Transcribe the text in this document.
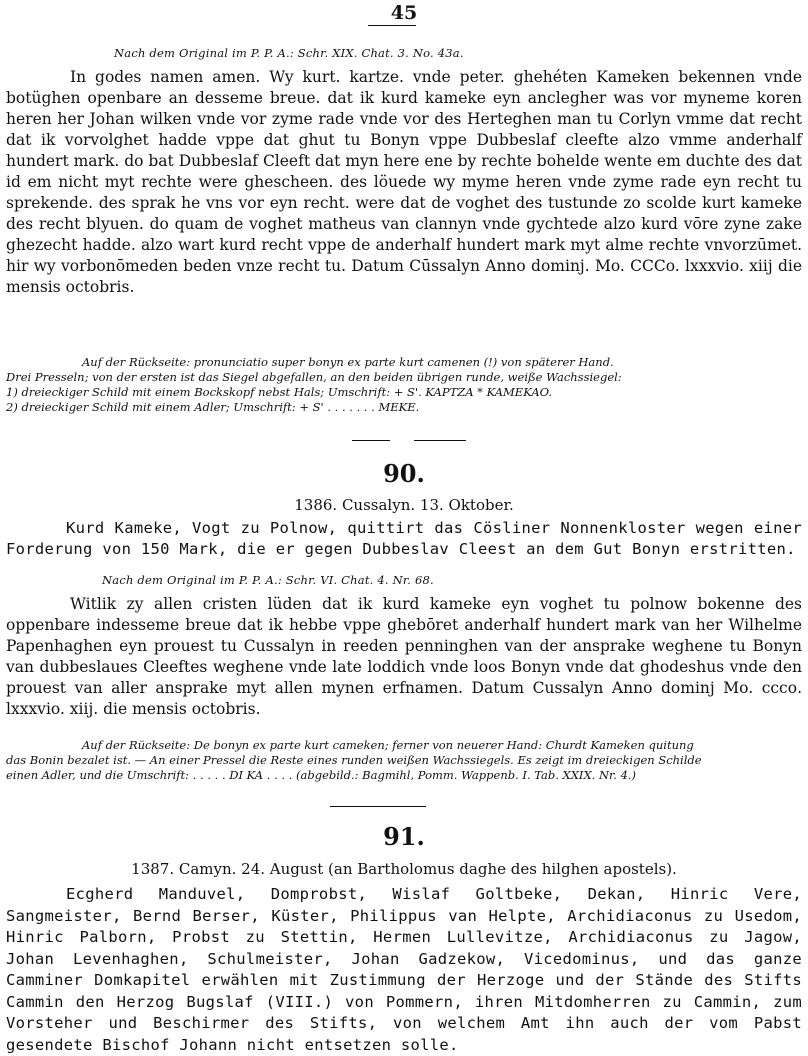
45
Nach dem Original im P. P. A.: Schr. XIX. Chat. 3. No. 43a.
In godes namen amen. Wy kurt. kartze. vnde peter. ghehéten Kameken bekennen vnde botüghen openbare an desseme breue. dat ik kurd kameke eyn anclegher was vor myneme koren heren her Johan wilken vnde vor zyme rade vnde vor des Herteghen man tu Corlyn vmme dat recht dat ik vorvolghet hadde vppe dat ghut tu Bonyn vppe Dubbeslaf cleefte alzo vmme anderhalf hundert mark. do bat Dubbeslaf Cleeft dat myn here ene by rechte bohelde wente em duchte des dat id em nicht myt rechte were ghescheen. des löuede wy myme heren vnde zyme rade eyn recht tu sprekende. des sprak he vns vor eyn recht. were dat de voghet des tustunde zo scolde kurt kameke des recht blyuen. do quam de voghet matheus van clannyn vnde gychtede alzo kurd vōre zyne zake ghezecht hadde. alzo wart kurd recht vppe de anderhalf hundert mark myt alme rechte vnvorzūmet. hir wy vorbonōmeden beden vnze recht tu. Datum Cūssalyn Anno dominj. Mo. CCCo. lxxxvio. xiij die mensis octobris.
Auf der Rückseite: pronunciatio super bonyn ex parte kurt camenen (!) von späterer Hand.
Drei Presseln; von der ersten ist das Siegel abgefallen, an den beiden übrigen runde, weiße Wachssiegel:
1) dreieckiger Schild mit einem Bockskopf nebst Hals; Umschrift: + S'. KAPTZA * KAMEKAO.
2) dreieckiger Schild mit einem Adler; Umschrift: + S' . . . . . . . MEKE.
90.
1386. Cussalyn. 13. Oktober.
Kurd Kameke, Vogt zu Polnow, quittirt das Cösliner Nonnenkloster wegen einer Forderung von 150 Mark, die er gegen Dubbeslav Cleest an dem Gut Bonyn erstritten.
Nach dem Original im P. P. A.: Schr. VI. Chat. 4. Nr. 68.
Witlik zy allen cristen lüden dat ik kurd kameke eyn voghet tu polnow bokenne des oppenbare indesseme breue dat ik hebbe vppe ghebōret anderhalf hundert mark van her Wilhelme Papenhaghen eyn prouest tu Cussalyn in reeden penninghen van der ansprake weghene tu Bonyn van dubbeslaues Cleeftes weghene vnde late loddich vnde loos Bonyn vnde dat ghodeshus vnde den prouest van aller ansprake myt allen mynen erfnamen. Datum Cussalyn Anno dominj Mo. cccо. lxxxvio. xiij. die mensis octobris.
Auf der Rückseite: De bonyn ex parte kurt cameken; ferner von neuerer Hand: Churdt Kameken quitung
das Bonin bezalet ist. — An einer Pressel die Reste eines runden weißen Wachssiegels. Es zeigt im dreieckigen Schilde
einen Adler, und die Umschrift: . . . . . DI KA . . . . (abgebild.: Bagmihl, Pomm. Wappenb. I. Tab. XXIX. Nr. 4.)
91.
1387. Camyn. 24. August (an Bartholomus daghe des hilghen apostels).
Ecgherd Manduvel, Domprobst, Wislaf Goltbeke, Dekan, Hinric Vere, Sangmeister, Bernd Berser, Küster, Philippus van Helpte, Archidiaconus zu Usedom, Hinric Palborn, Probst zu Stettin, Hermen Lullevitze, Archidiaconus zu Jagow, Johan Levenhaghen, Schulmeister, Johan Gadzekow, Vicedominus, und das ganze Camminer Domkapitel erwählen mit Zustimmung der Herzoge und der Stände des Stifts Cammin den Herzog Bugslaf (VIII.) von Pommern, ihren Mitdomherren zu Cammin, zum Vorsteher und Beschirmer des Stifts, von welchem Amt ihn auch der vom Pabst gesendete Bischof Johann nicht entsetzen solle.
